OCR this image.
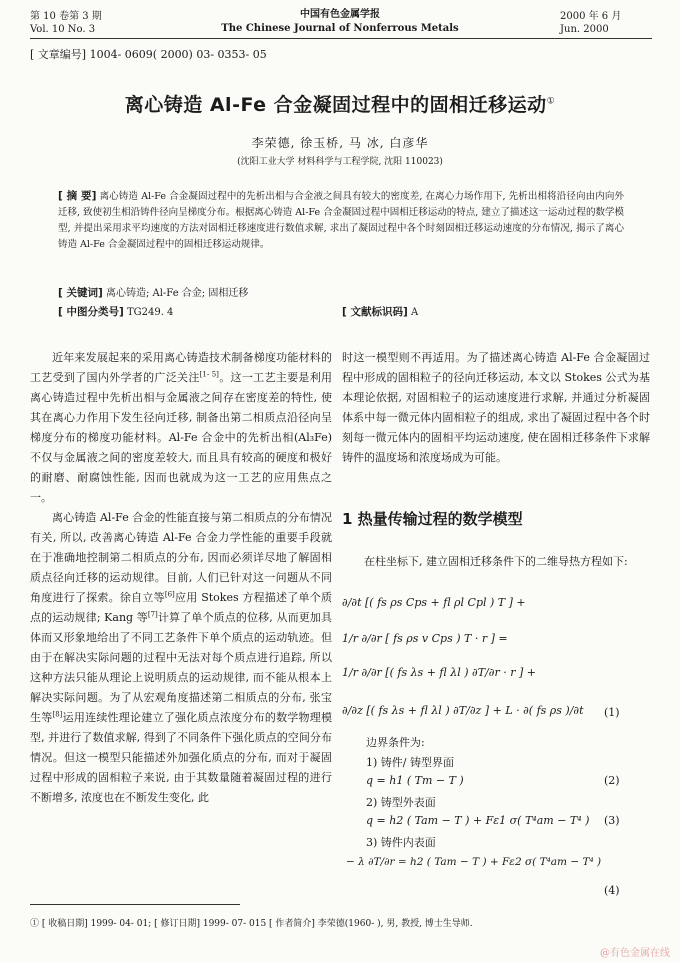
第 10 卷第 3 期
Vol. 10 No. 3
中国有色金属学报
The Chinese Journal of Nonferrous Metals
2000 年 6 月
Jun. 2000
[ 文章编号] 1004- 0609( 2000) 03- 0353- 05
离心铸造 Al-Fe 合金凝固过程中的固相迁移运动①
李荣德, 徐玉桥, 马 冰, 白彦华
(沈阳工业大学 材料科学与工程学院, 沈阳 110023)
[ 摘 要] 离心铸造 Al-Fe 合金凝固过程中的先析出相与合金液之间具有较大的密度差, 在离心力场作用下, 先析出相将沿径向由内向外迁移, 致使初生相沿铸件径向呈梯度分布。根据离心铸造 Al-Fe 合金凝固过程中固相迁移运动的特点, 建立了描述这一运动过程的数学模型, 并提出采用求平均速度的方法对固相迁移速度进行数值求解, 求出了凝固过程中各个时刻固相迁移运动速度的分布情况, 揭示了离心铸造 Al-Fe 合金凝固过程中的固相迁移运动规律。
[ 关键词] 离心铸造; Al-Fe 合金; 固相迁移
[ 中图分类号] TG249. 4	[ 文献标识码] A

近年来发展起来的采用离心铸造技术制备梯度功能材料的工艺受到了国内外学者的广泛关注[1- 5]。这一工艺主要是利用离心铸造过程中先析出相与金属液之间存在密度差的特性, 使其在离心力作用下发生径向迁移, 制备出第二相质点沿径向呈梯度分布的梯度功能材料。Al-Fe 合金中的先析出相(Al₃Fe) 不仅与金属液之间的密度差较大, 而且具有较高的硬度和极好的耐磨、耐腐蚀性能, 因而也就成为这一工艺的应用焦点之一。

离心铸造 Al-Fe 合金的性能直接与第二相质点的分布情况有关, 所以, 改善离心铸造 Al-Fe 合金力学性能的重要手段就在于准确地控制第二相质点的分布, 因而必须详尽地了解固相质点径向迁移的运动规律。目前, 人们已针对这一问题从不同角度进行了探索。徐自立等[6]应用 Stokes 方程描述了单个质点的运动规律; Kang 等[7]计算了单个质点的位移, 从而更加具体而又形象地给出了不同工艺条件下单个质点的运动轨迹。但由于在解决实际问题的过程中无法对每个质点进行追踪, 所以这种方法只能从理论上说明质点的运动规律, 而不能从根本上解决实际问题。为了从宏观角度描述第二相质点的分布, 张宝生等[8]运用连续性理论建立了强化质点浓度分布的数学物理模型, 并进行了数值求解, 得到了不同条件下强化质点的空间分布情况。但这一模型只能描述外加强化质点的分布, 而对于凝固过程中形成的固相粒子来说, 由于其数量随着凝固过程的进行不断增多, 浓度也在不断发生变化, 此

时这一模型则不再适用。为了描述离心铸造 Al-Fe 合金凝固过程中形成的固相粒子的径向迁移运动, 本文以 Stokes 公式为基本理论依据, 对固相粒子的运动速度进行求解, 并通过分析凝固体系中每一微元体内固相粒子的组成, 求出了凝固过程中各个时刻每一微元体内的固相平均运动速度, 使在固相迁移条件下求解铸件的温度场和浓度场成为可能。

1 热量传输过程的数学模型

在柱坐标下, 建立固相迁移条件下的二维导热方程如下:

∂/∂t [( fs ρs Cps + fl ρl Cpl ) T ] +
1/r ∂/∂r [ fs ρs v Cps ) T · r ] =
1/r ∂/∂r [( fs λs + fl λl ) ∂T/∂r · r ] +
∂/∂z [( fs λs + fl λl ) ∂T/∂z ] + L · ∂( fs ρs )/∂t (1)
边界条件为:
1) 铸件/ 铸型界面
q = h1 ( Tm − T )	(2)
2) 铸型外表面
q = h2 ( Tam − T ) + Fε1 σ( T⁴am − T⁴ ) (3)
3) 铸件内表面
− λ ∂T/∂r = h2 ( Tam − T ) + Fε2 σ( T⁴am − T⁴ )
(4)
① [ 收稿日期] 1999- 04- 01; [ 修订日期] 1999- 07- 015 [ 作者简介] 李荣德(1960- ), 男, 教授, 博士生导师.
@有色金属在线
